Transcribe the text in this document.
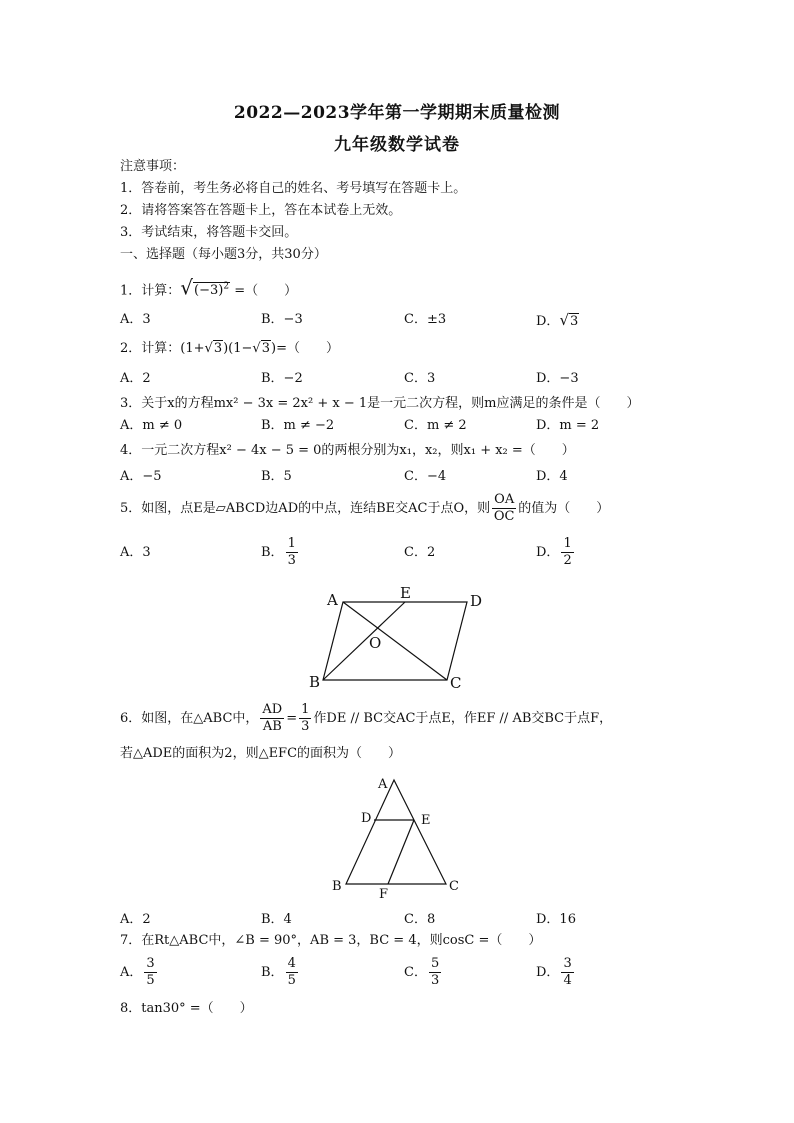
2022—2023学年第一学期期末质量检测
九年级数学试卷
注意事项：
1．答卷前，考生务必将自己的姓名、考号填写在答题卡上。
2．请将答案答在答题卡上，答在本试卷上无效。
3．考试结束，将答题卡交回。
一、选择题（每小题3分，共30分）
1．计算：$√(-3)^2$ =（　　）
A．3	B．−3	C．±3	D．√3
2．计算：(1+√3)(1−√3)=（　　）
A．2	B．−2	C．3	D．−3
3．关于x的方程mx² − 3x = 2x² + x − 1是一元二次方程，则m应满足的条件是（　　）
A．m ≠ 0	B．m ≠ −2	C．m ≠ 2	D．m = 2
4．一元二次方程x² − 4x − 5 = 0的两根分别为x₁，x₂，则x₁ + x₂ =（　　）
A．−5	B．5	C．−4	D．4
5．如图，点E是▱ABCD边AD的中点，连结BE交AC于点O，则 $\frac{OA}{OC}$ 的值为（　　）
A．3	B． $\frac{1}{3}$	C．2	D． $\frac{1}{2}$
A	E	D
O
B	C
6．如图，在△ABC中， $\frac{AD}{AB} = \frac{1}{3}$ 作DE // BC交AC于点E，作EF // AB交BC于点F，
若△ADE的面积为2，则△EFC的面积为（　　）
A
D	E
B
F
C
A．2	B．4	C．8	D．16
7．在Rt△ABC中，∠B = 90°，AB = 3，BC = 4，则cosC =（　　）
A． $\frac{3}{5}$	B． $\frac{4}{5}$	C． $\frac{5}{3}$	D． $\frac{3}{4}$
8．tan30° =（　　）
